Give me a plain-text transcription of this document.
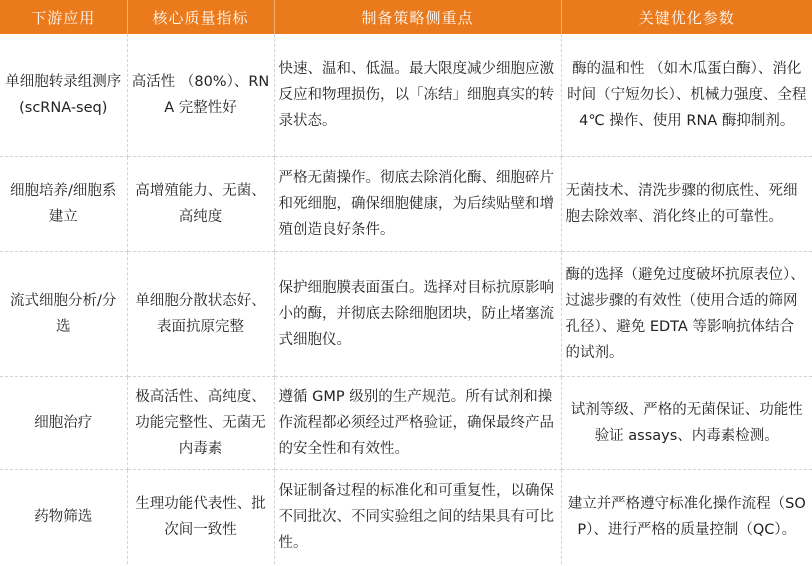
下游应用	核心质量指标	制备策略侧重点	关键优化参数
单细胞转录组测序 (scRNA-seq)	高活性 （80%）、RNA 完整性好	快速、温和、低温。最大限度减少细胞应激反应和物理损伤，以「冻结」细胞真实的转录状态。	酶的温和性 （如木瓜蛋白酶）、消化时间（宁短勿长）、机械力强度、全程 4℃ 操作、使用 RNA 酶抑制剂。
细胞培养/细胞系建立	高增殖能力、无菌、高纯度	严格无菌操作。彻底去除消化酶、细胞碎片和死细胞，确保细胞健康，为后续贴壁和增殖创造良好条件。	无菌技术、清洗步骤的彻底性、死细胞去除效率、消化终止的可靠性。
流式细胞分析/分选	单细胞分散状态好、表面抗原完整	保护细胞膜表面蛋白。选择对目标抗原影响小的酶，并彻底去除细胞团块，防止堵塞流式细胞仪。	酶的选择（避免过度破坏抗原表位）、过滤步骤的有效性（使用合适的筛网孔径）、避免 EDTA 等影响抗体结合的试剂。
细胞治疗	极高活性、高纯度、功能完整性、无菌无内毒素	遵循 GMP 级别的生产规范。所有试剂和操作流程都必须经过严格验证，确保最终产品的安全性和有效性。	试剂等级、严格的无菌保证、功能性验证 assays、内毒素检测。
药物筛选	生理功能代表性、批次间一致性	保证制备过程的标准化和可重复性，以确保不同批次、不同实验组之间的结果具有可比性。	建立并严格遵守标准化操作流程（SOP）、进行严格的质量控制（QC）。
